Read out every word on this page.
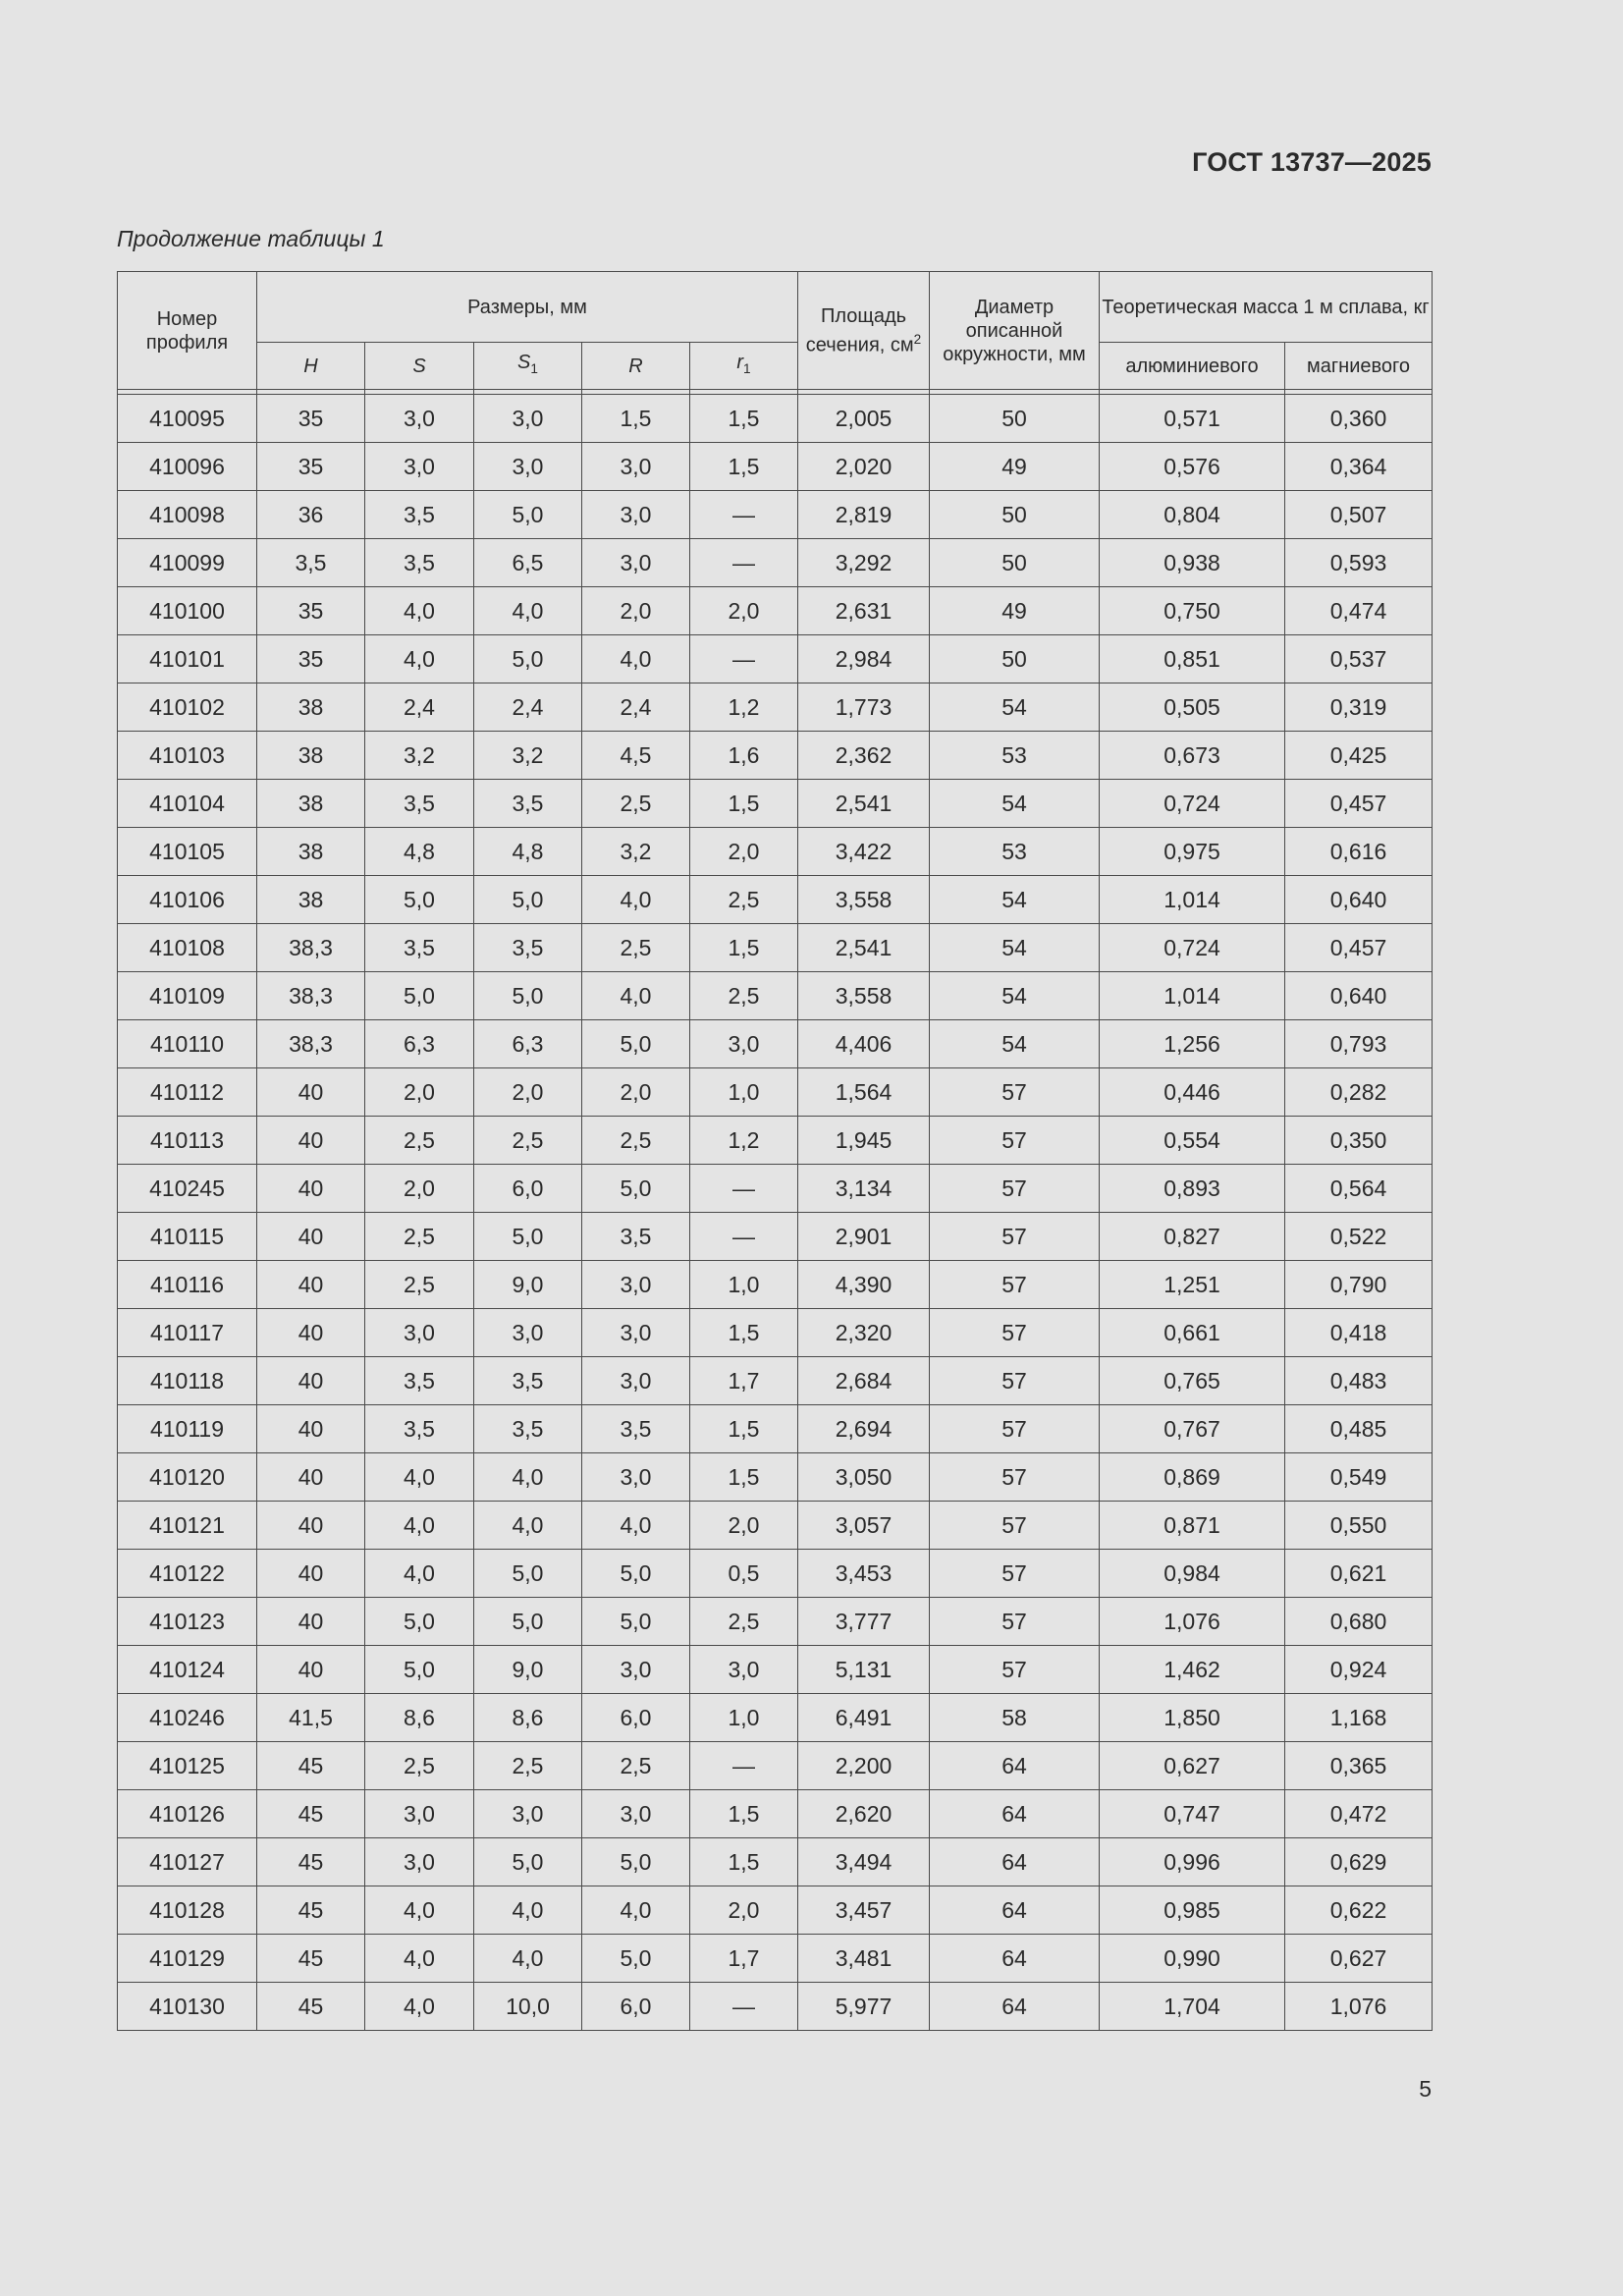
ГОСТ 13737—2025
Продолжение таблицы 1
Номер профиля	Размеры, мм					Площадь сечения, $см^2$	Диаметр описанной окружности, мм	Теоретическая масса 1 м сплава, кг	
	H	S	$S_1$	R	$r_1$			алюминиевого	магниевого

410095	35	3,0	3,0	1,5	1,5	2,005	50	0,571	0,360
410096	35	3,0	3,0	3,0	1,5	2,020	49	0,576	0,364
410098	36	3,5	5,0	3,0	—	2,819	50	0,804	0,507
410099	3,5	3,5	6,5	3,0	—	3,292	50	0,938	0,593
410100	35	4,0	4,0	2,0	2,0	2,631	49	0,750	0,474
410101	35	4,0	5,0	4,0	—	2,984	50	0,851	0,537
410102	38	2,4	2,4	2,4	1,2	1,773	54	0,505	0,319
410103	38	3,2	3,2	4,5	1,6	2,362	53	0,673	0,425
410104	38	3,5	3,5	2,5	1,5	2,541	54	0,724	0,457
410105	38	4,8	4,8	3,2	2,0	3,422	53	0,975	0,616
410106	38	5,0	5,0	4,0	2,5	3,558	54	1,014	0,640
410108	38,3	3,5	3,5	2,5	1,5	2,541	54	0,724	0,457
410109	38,3	5,0	5,0	4,0	2,5	3,558	54	1,014	0,640
410110	38,3	6,3	6,3	5,0	3,0	4,406	54	1,256	0,793
410112	40	2,0	2,0	2,0	1,0	1,564	57	0,446	0,282
410113	40	2,5	2,5	2,5	1,2	1,945	57	0,554	0,350
410245	40	2,0	6,0	5,0	—	3,134	57	0,893	0,564
410115	40	2,5	5,0	3,5	—	2,901	57	0,827	0,522
410116	40	2,5	9,0	3,0	1,0	4,390	57	1,251	0,790
410117	40	3,0	3,0	3,0	1,5	2,320	57	0,661	0,418
410118	40	3,5	3,5	3,0	1,7	2,684	57	0,765	0,483
410119	40	3,5	3,5	3,5	1,5	2,694	57	0,767	0,485
410120	40	4,0	4,0	3,0	1,5	3,050	57	0,869	0,549
410121	40	4,0	4,0	4,0	2,0	3,057	57	0,871	0,550
410122	40	4,0	5,0	5,0	0,5	3,453	57	0,984	0,621
410123	40	5,0	5,0	5,0	2,5	3,777	57	1,076	0,680
410124	40	5,0	9,0	3,0	3,0	5,131	57	1,462	0,924
410246	41,5	8,6	8,6	6,0	1,0	6,491	58	1,850	1,168
410125	45	2,5	2,5	2,5	—	2,200	64	0,627	0,365
410126	45	3,0	3,0	3,0	1,5	2,620	64	0,747	0,472
410127	45	3,0	5,0	5,0	1,5	3,494	64	0,996	0,629
410128	45	4,0	4,0	4,0	2,0	3,457	64	0,985	0,622
410129	45	4,0	4,0	5,0	1,7	3,481	64	0,990	0,627
410130	45	4,0	10,0	6,0	—	5,977	64	1,704	1,076
5
